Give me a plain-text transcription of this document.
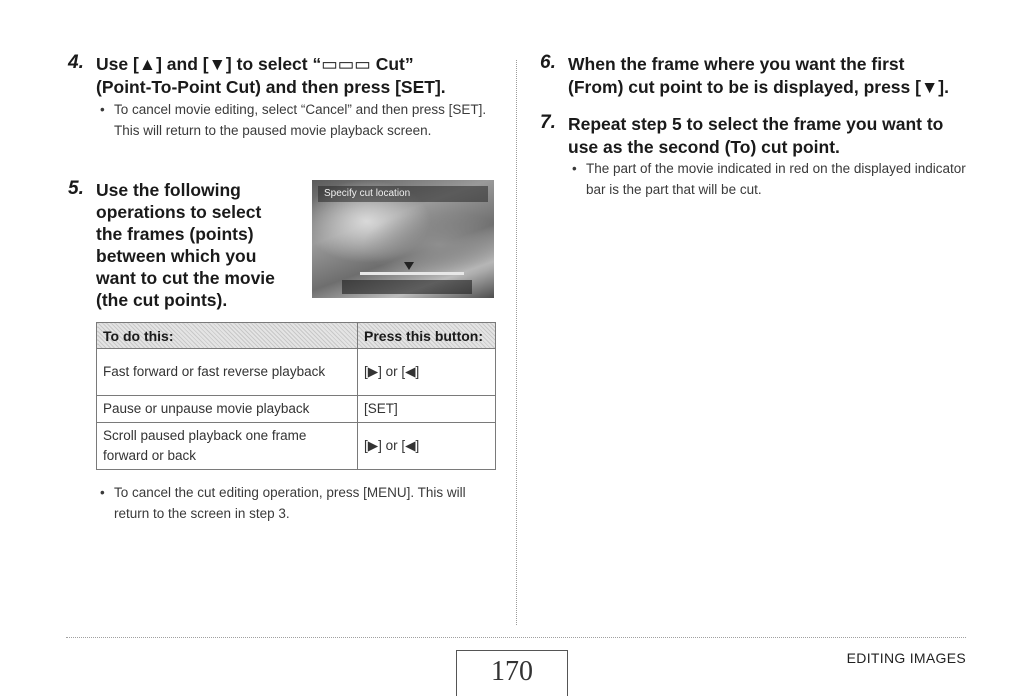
4. Use [▲] and [▼] to select “▭▭▭ Cut”

(Point-To-Point Cut) and then press [SET].

• To cancel movie editing, select “Cancel” and then press [SET]. This will return to the paused movie playback screen.

5. Use the following

operations to select

the frames (points)

between which you

want to cut the movie

(the cut points).

Specify cut location
To do this:	Press this button:
Fast forward or fast reverse playback	[▶] or [◀]
Pause or unpause movie playback	[SET]
Scroll paused playback one frame forward or back	[▶] or [◀]

• To cancel the cut editing operation, press [MENU]. This will return to the screen in step 3.

6. When the frame where you want the first

(From) cut point to be is displayed, press [▼].

7. Repeat step 5 to select the frame you want to

use as the second (To) cut point.

• The part of the movie indicated in red on the displayed indicator bar is the part that will be cut.

170	EDITING IMAGES
